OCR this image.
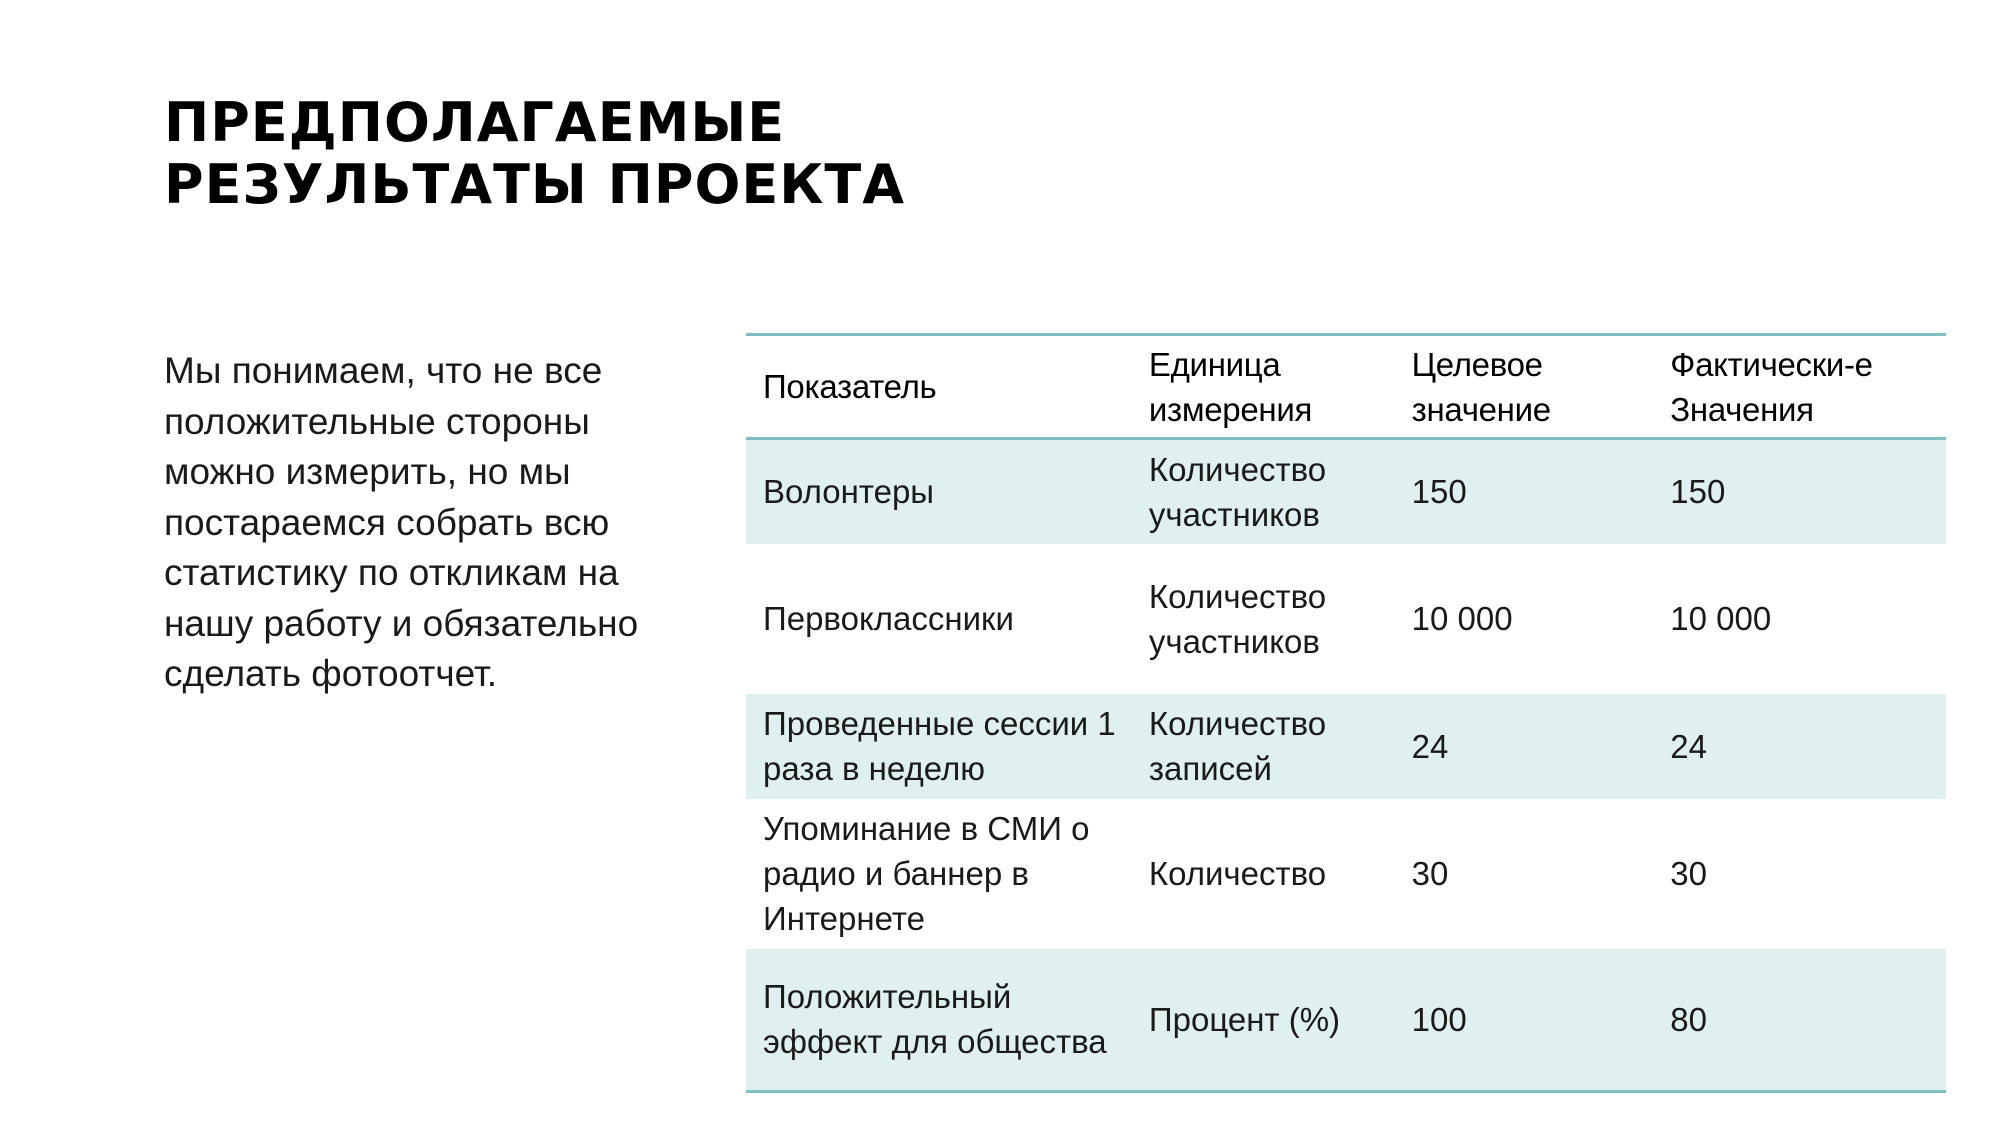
ПРЕДПОЛАГАЕМЫЕ
РЕЗУЛЬТАТЫ ПРОЕКТА

Мы понимаем, что не все положительные стороны можно измерить, но мы постараемся собрать всю статистику по откликам на нашу работу и обязательно сделать фотоотчет.

Показатель	Единица измерения	Целевое значение	Фактически-е Значения
Волонтеры	Количество участников	150	150
Первоклассники	Количество участников	10 000	10 000
Проведенные сессии 1 раза в неделю	Количество записей	24	24
Упоминание в СМИ о радио и баннер в Интернете	Количество	30	30
Положительный эффект для общества	Процент (%)	100	80
